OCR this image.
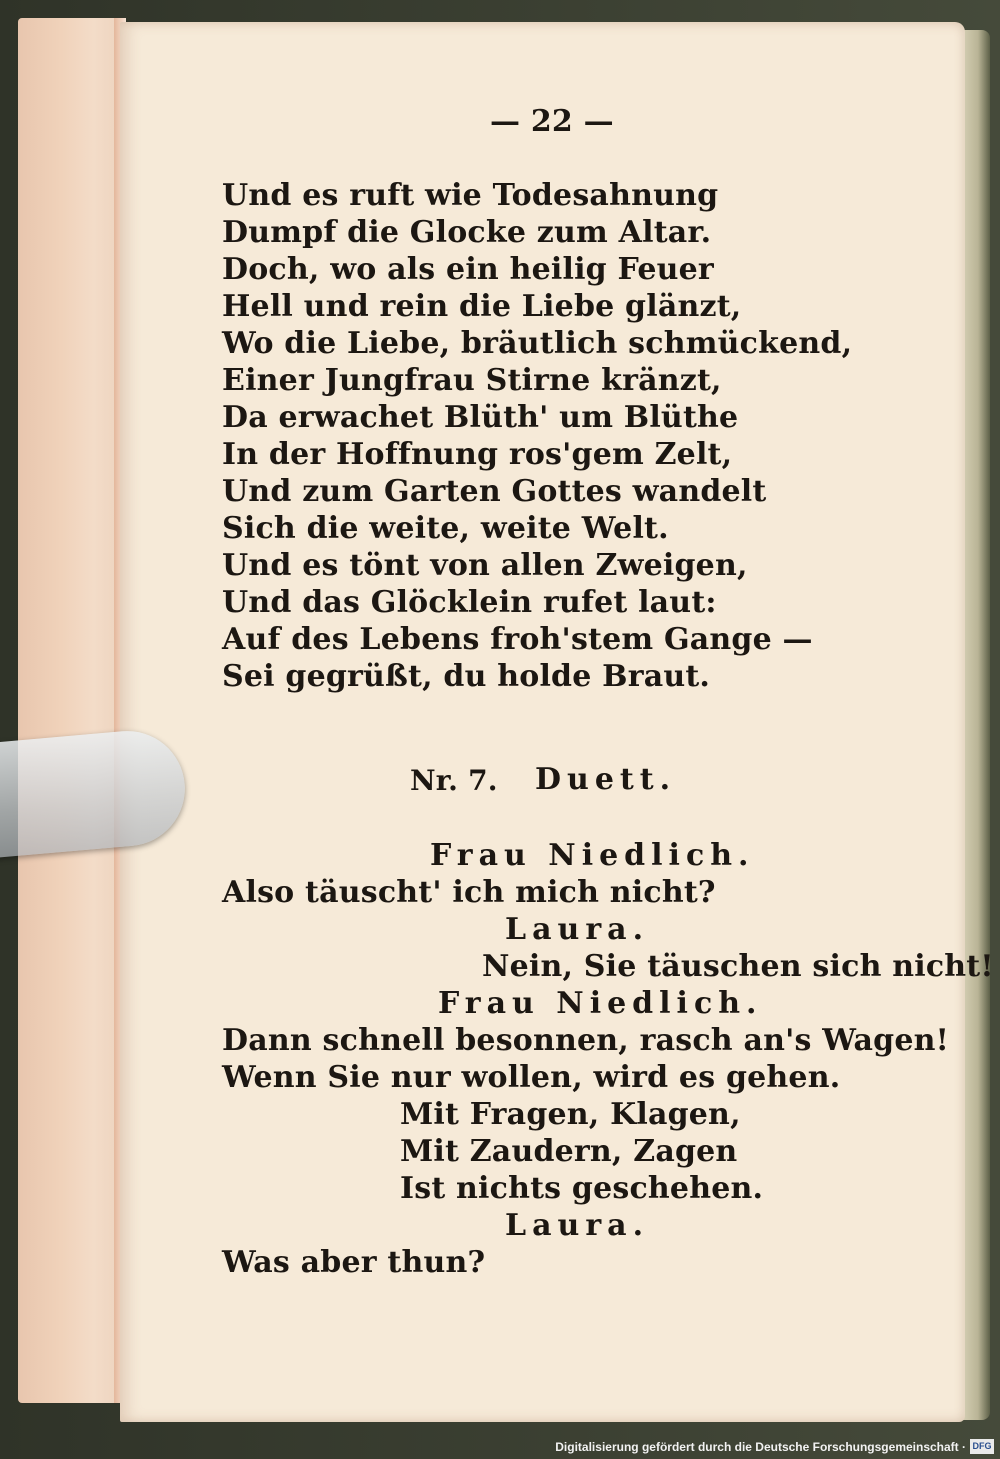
— 22 —
Und es ruft wie Todesahnung
Dumpf die Glocke zum Altar.
Doch, wo als ein heilig Feuer
Hell und rein die Liebe glänzt,
Wo die Liebe, bräutlich schmückend,
Einer Jungfrau Stirne kränzt,
Da erwachet Blüth' um Blüthe
In der Hoffnung ros'gem Zelt,
Und zum Garten Gottes wandelt
Sich die weite, weite Welt.
Und es tönt von allen Zweigen,
Und das Glöcklein rufet laut:
Auf des Lebens froh'stem Gange —
Sei gegrüßt, du holde Braut.
Nr. 7. Duett.
Frau Niedlich.
Also täuscht' ich mich nicht?
Laura.
Nein, Sie täuschen sich nicht!
Frau Niedlich.
Dann schnell besonnen, rasch an's Wagen!
Wenn Sie nur wollen, wird es gehen.
Mit Fragen, Klagen,
Mit Zaudern, Zagen
Ist nichts geschehen.
Laura.
Was aber thun?
Digitalisierung gefördert durch die Deutsche Forschungsgemeinschaft · DFG
